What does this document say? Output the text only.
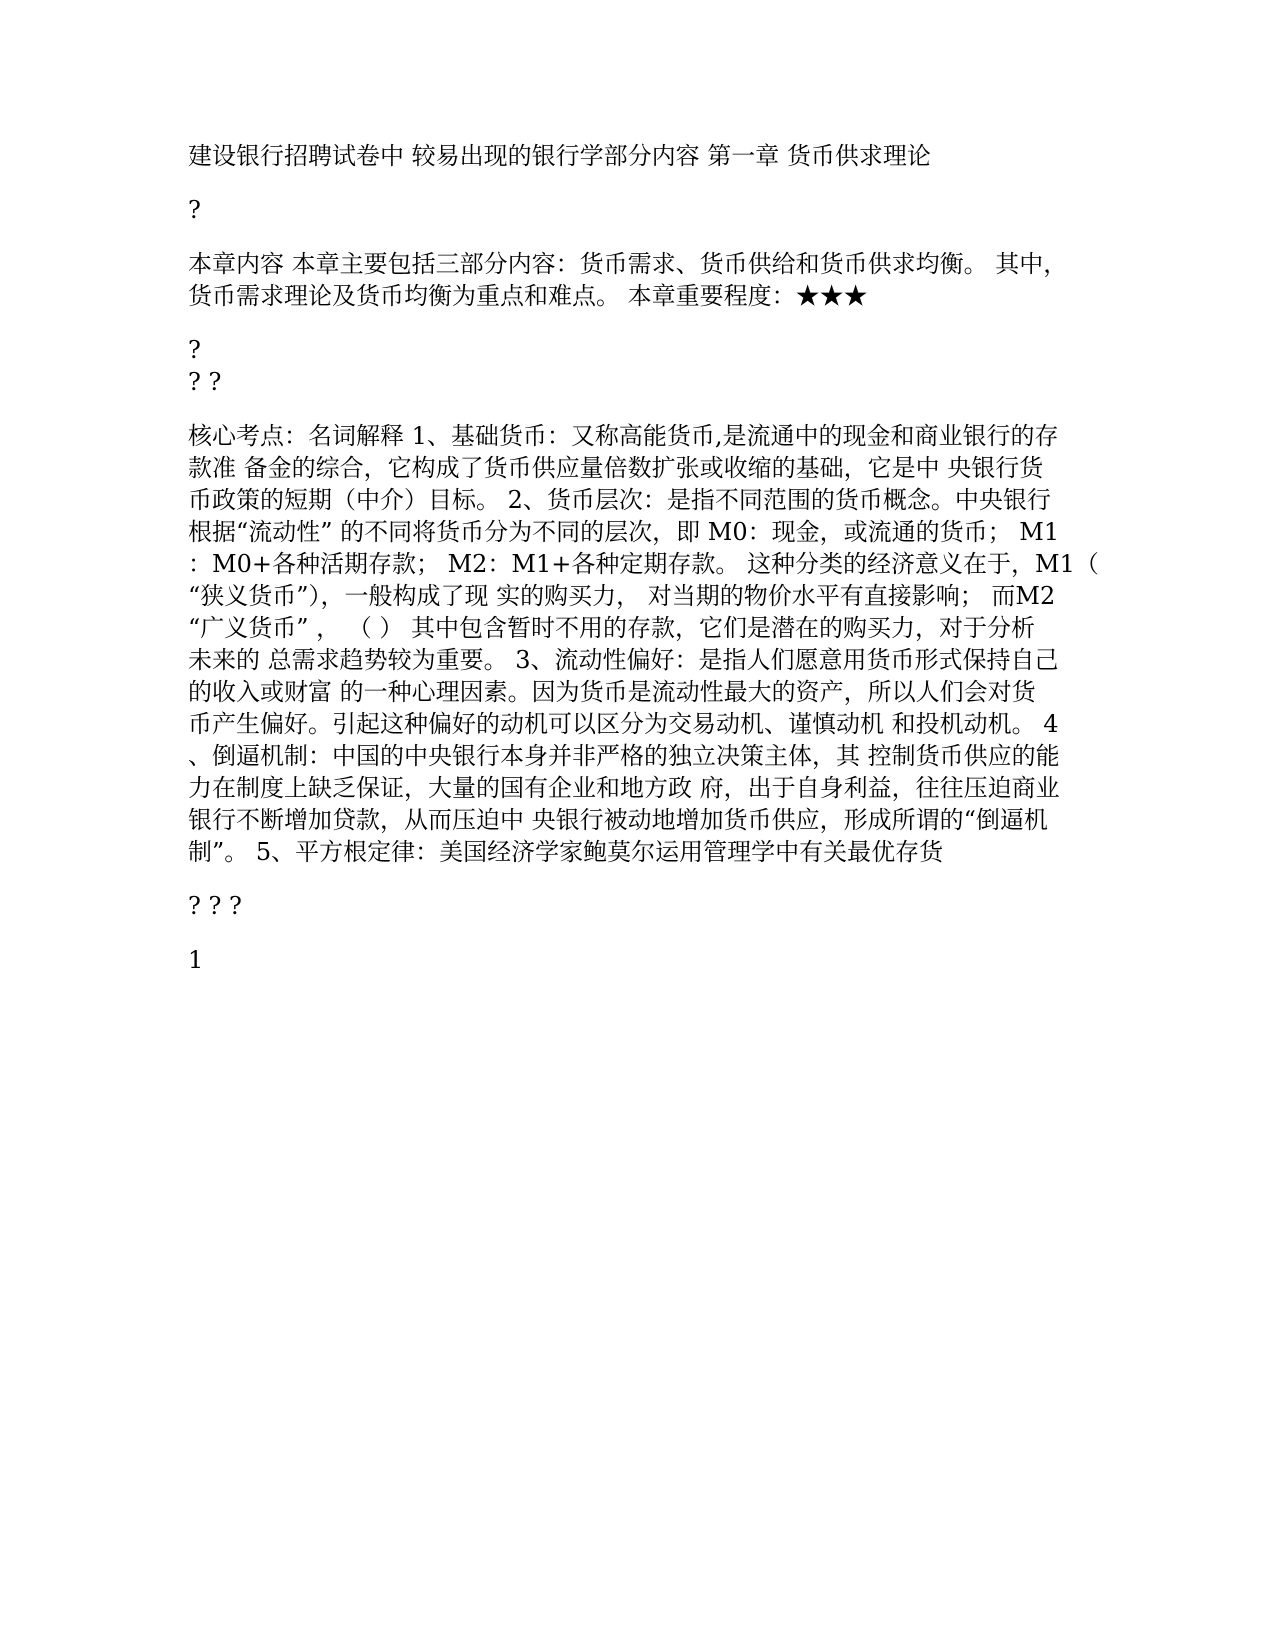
建设银行招聘试卷中 较易出现的银行学部分内容 第一章 货币供求理论
?
本章内容 本章主要包括三部分内容：货币需求、货币供给和货币供求均衡。 其中，
货币需求理论及货币均衡为重点和难点。 本章重要程度：★★★
?
? ?
核心考点：名词解释 1、基础货币：又称高能货币,是流通中的现金和商业银行的存
款准 备金的综合，它构成了货币供应量倍数扩张或收缩的基础，它是中 央银行货
币政策的短期（中介）目标。 2、货币层次：是指不同范围的货币概念。中央银行
根据“流动性” 的不同将货币分为不同的层次，即 M0：现金，或流通的货币； M1
：M0+各种活期存款； M2：M1+各种定期存款。 这种分类的经济意义在于，M1（
“狭义货币”），一般构成了现 实的购买力， 对当期的物价水平有直接影响； 而M2
“广义货币” ， （ ） 其中包含暂时不用的存款，它们是潜在的购买力，对于分析
未来的 总需求趋势较为重要。 3、流动性偏好：是指人们愿意用货币形式保持自己
的收入或财富 的一种心理因素。因为货币是流动性最大的资产，所以人们会对货
币产生偏好。引起这种偏好的动机可以区分为交易动机、谨慎动机 和投机动机。 4
、倒逼机制：中国的中央银行本身并非严格的独立决策主体，其 控制货币供应的能
力在制度上缺乏保证，大量的国有企业和地方政 府，出于自身利益，往往压迫商业
银行不断增加贷款，从而压迫中 央银行被动地增加货币供应，形成所谓的“倒逼机
制”。 5、平方根定律：美国经济学家鲍莫尔运用管理学中有关最优存货
? ? ?
1
